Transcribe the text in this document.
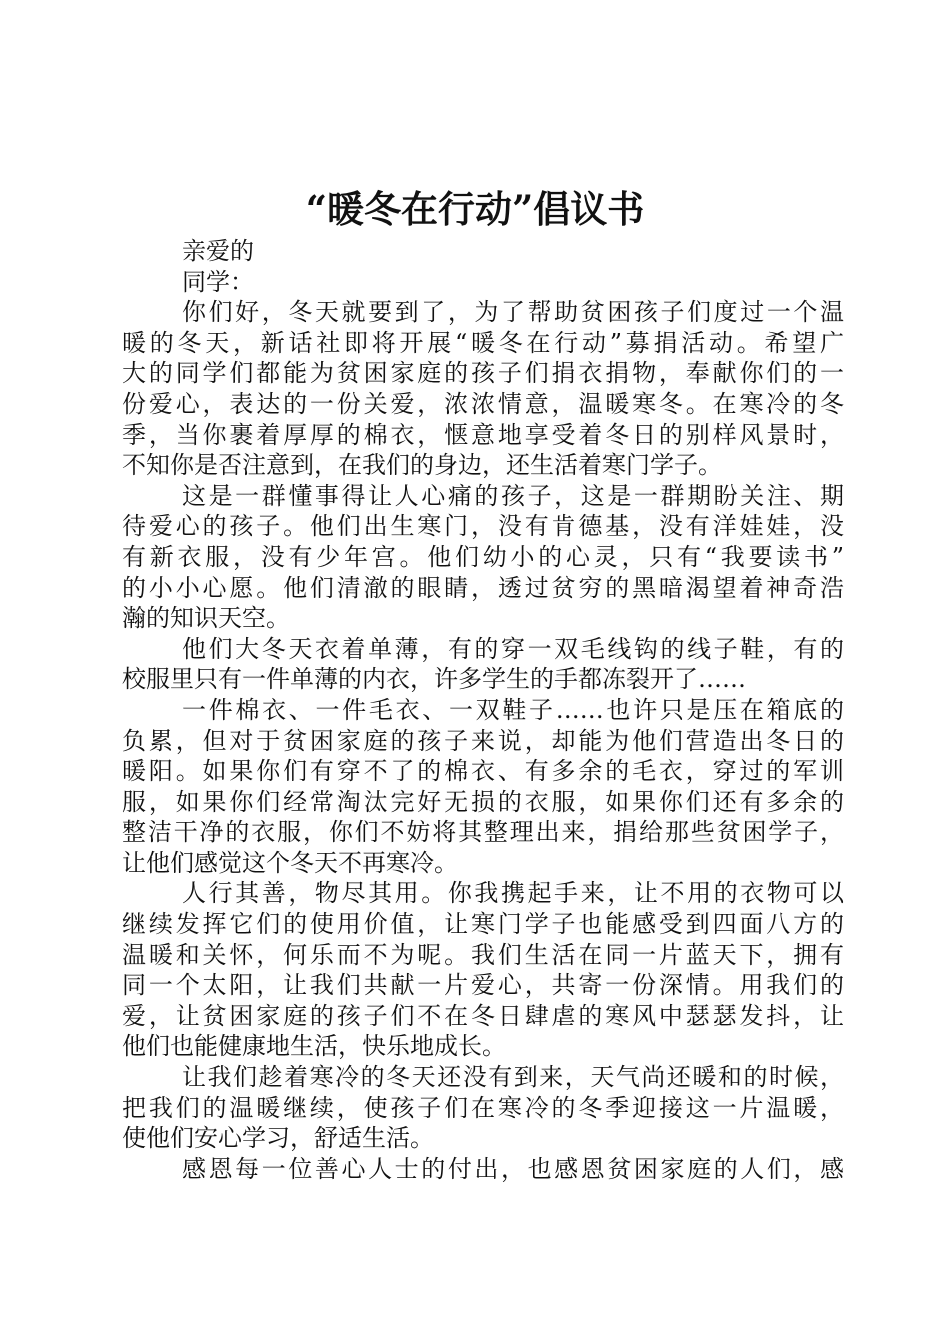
“暖冬在行动”倡议书
亲爱的
同学：
你们好，冬天就要到了，为了帮助贫困孩子们度过一个温
暖的冬天，新话社即将开展“暖冬在行动”募捐活动。希望广
大的同学们都能为贫困家庭的孩子们捐衣捐物，奉献你们的一
份爱心，表达的一份关爱，浓浓情意，温暖寒冬。在寒冷的冬
季，当你裹着厚厚的棉衣，惬意地享受着冬日的别样风景时，
不知你是否注意到，在我们的身边，还生活着寒门学子。
这是一群懂事得让人心痛的孩子，这是一群期盼关注、期
待爱心的孩子。他们出生寒门，没有肯德基，没有洋娃娃，没
有新衣服，没有少年宫。他们幼小的心灵，只有“我要读书”
的小小心愿。他们清澈的眼睛，透过贫穷的黑暗渴望着神奇浩
瀚的知识天空。
他们大冬天衣着单薄，有的穿一双毛线钩的线子鞋，有的
校服里只有一件单薄的内衣，许多学生的手都冻裂开了……
一件棉衣、一件毛衣、一双鞋子……也许只是压在箱底的
负累，但对于贫困家庭的孩子来说，却能为他们营造出冬日的
暖阳。如果你们有穿不了的棉衣、有多余的毛衣，穿过的军训
服，如果你们经常淘汰完好无损的衣服，如果你们还有多余的
整洁干净的衣服，你们不妨将其整理出来，捐给那些贫困学子，
让他们感觉这个冬天不再寒冷。
人行其善，物尽其用。你我携起手来，让不用的衣物可以
继续发挥它们的使用价值，让寒门学子也能感受到四面八方的
温暖和关怀，何乐而不为呢。我们生活在同一片蓝天下，拥有
同一个太阳，让我们共献一片爱心，共寄一份深情。用我们的
爱，让贫困家庭的孩子们不在冬日肆虐的寒风中瑟瑟发抖，让
他们也能健康地生活，快乐地成长。
让我们趁着寒冷的冬天还没有到来，天气尚还暖和的时候，
把我们的温暖继续，使孩子们在寒冷的冬季迎接这一片温暖，
使他们安心学习，舒适生活。
感恩每一位善心人士的付出，也感恩贫困家庭的人们，感
